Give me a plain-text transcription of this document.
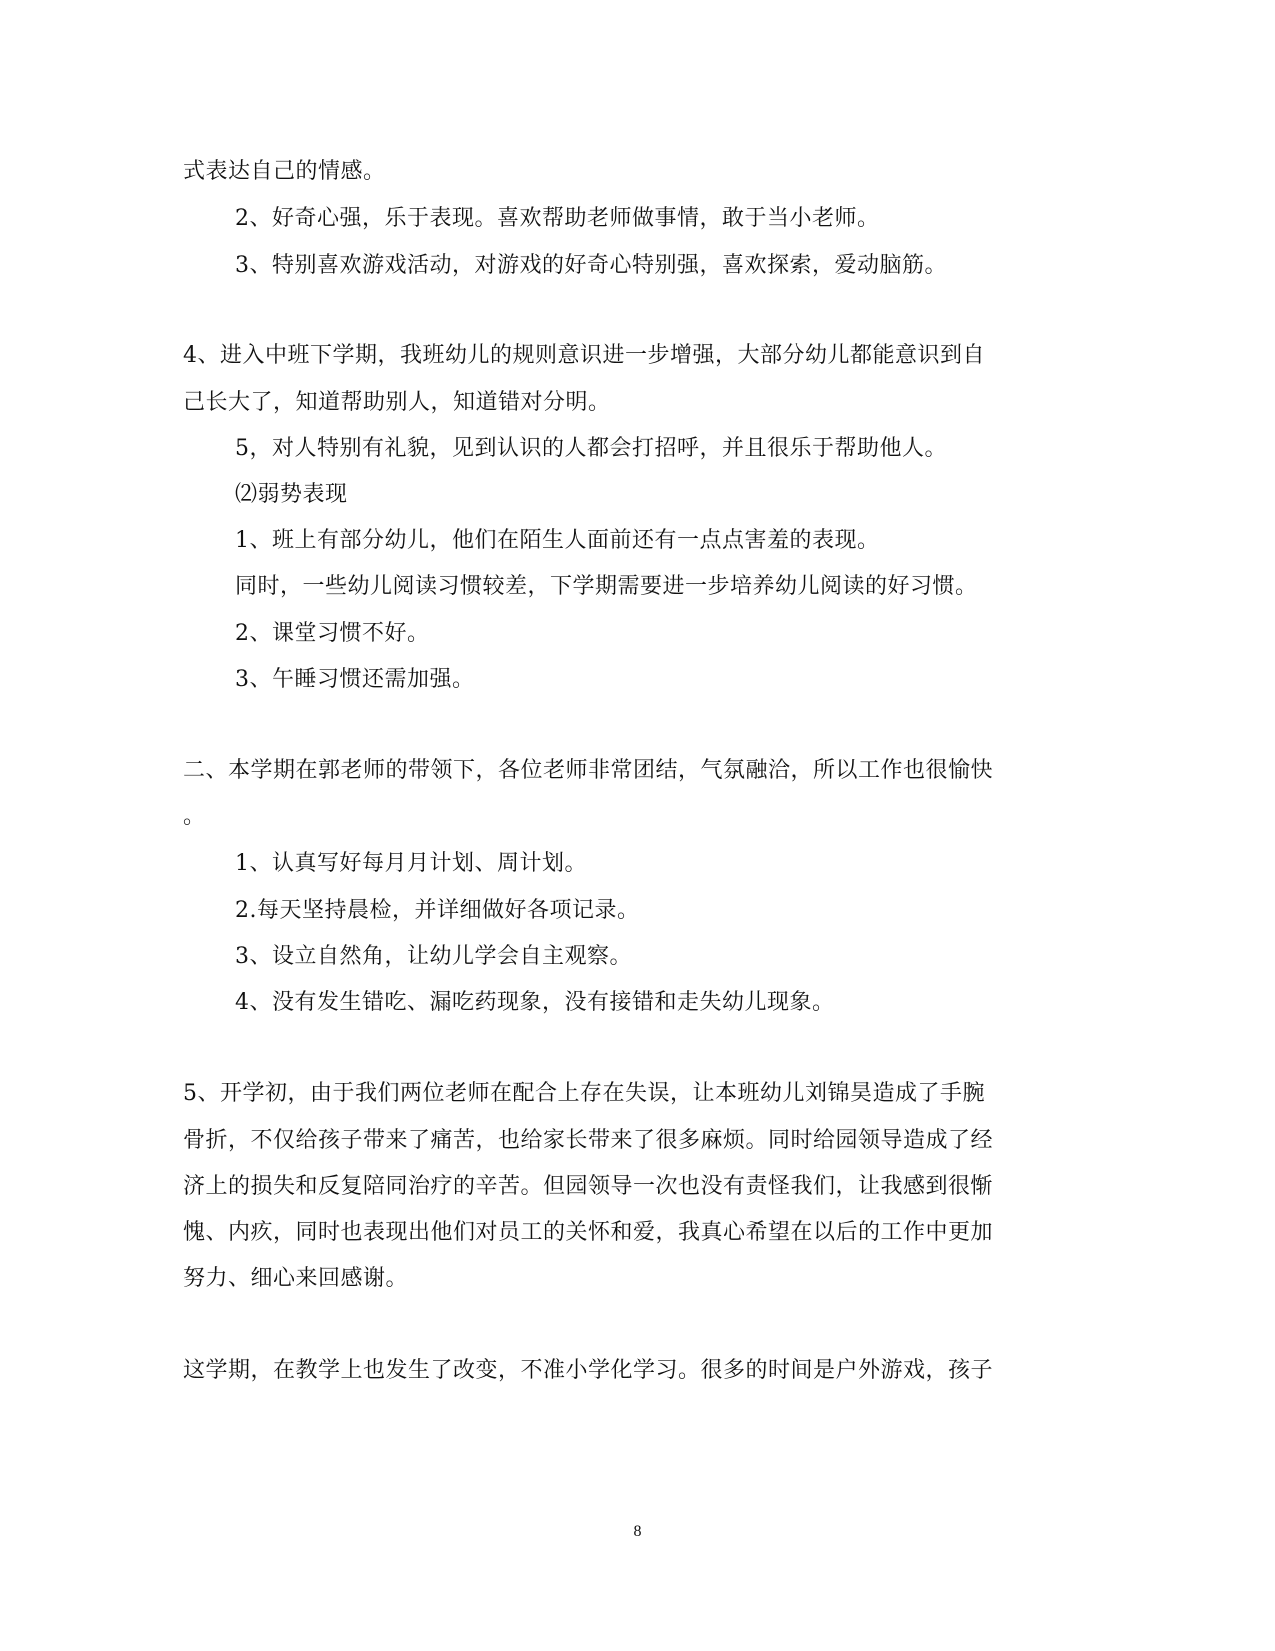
式表达自己的情感。

2、好奇心强，乐于表现。喜欢帮助老师做事情，敢于当小老师。

3、特别喜欢游戏活动，对游戏的好奇心特别强，喜欢探索，爱动脑筋。

4、进入中班下学期，我班幼儿的规则意识进一步增强，大部分幼儿都能意识到自

己长大了，知道帮助别人，知道错对分明。

5，对人特别有礼貌，见到认识的人都会打招呼，并且很乐于帮助他人。

⑵弱势表现

1、班上有部分幼儿，他们在陌生人面前还有一点点害羞的表现。

同时，一些幼儿阅读习惯较差，下学期需要进一步培养幼儿阅读的好习惯。

2、课堂习惯不好。

3、午睡习惯还需加强。

二、本学期在郭老师的带领下，各位老师非常团结，气氛融洽，所以工作也很愉快

。

1、认真写好每月月计划、周计划。

2.每天坚持晨检，并详细做好各项记录。

3、设立自然角，让幼儿学会自主观察。

4、没有发生错吃、漏吃药现象，没有接错和走失幼儿现象。

5、开学初，由于我们两位老师在配合上存在失误，让本班幼儿刘锦昊造成了手腕

骨折，不仅给孩子带来了痛苦，也给家长带来了很多麻烦。同时给园领导造成了经

济上的损失和反复陪同治疗的辛苦。但园领导一次也没有责怪我们，让我感到很惭

愧、内疚，同时也表现出他们对员工的关怀和爱，我真心希望在以后的工作中更加

努力、细心来回感谢。

这学期，在教学上也发生了改变，不准小学化学习。很多的时间是户外游戏，孩子

8
